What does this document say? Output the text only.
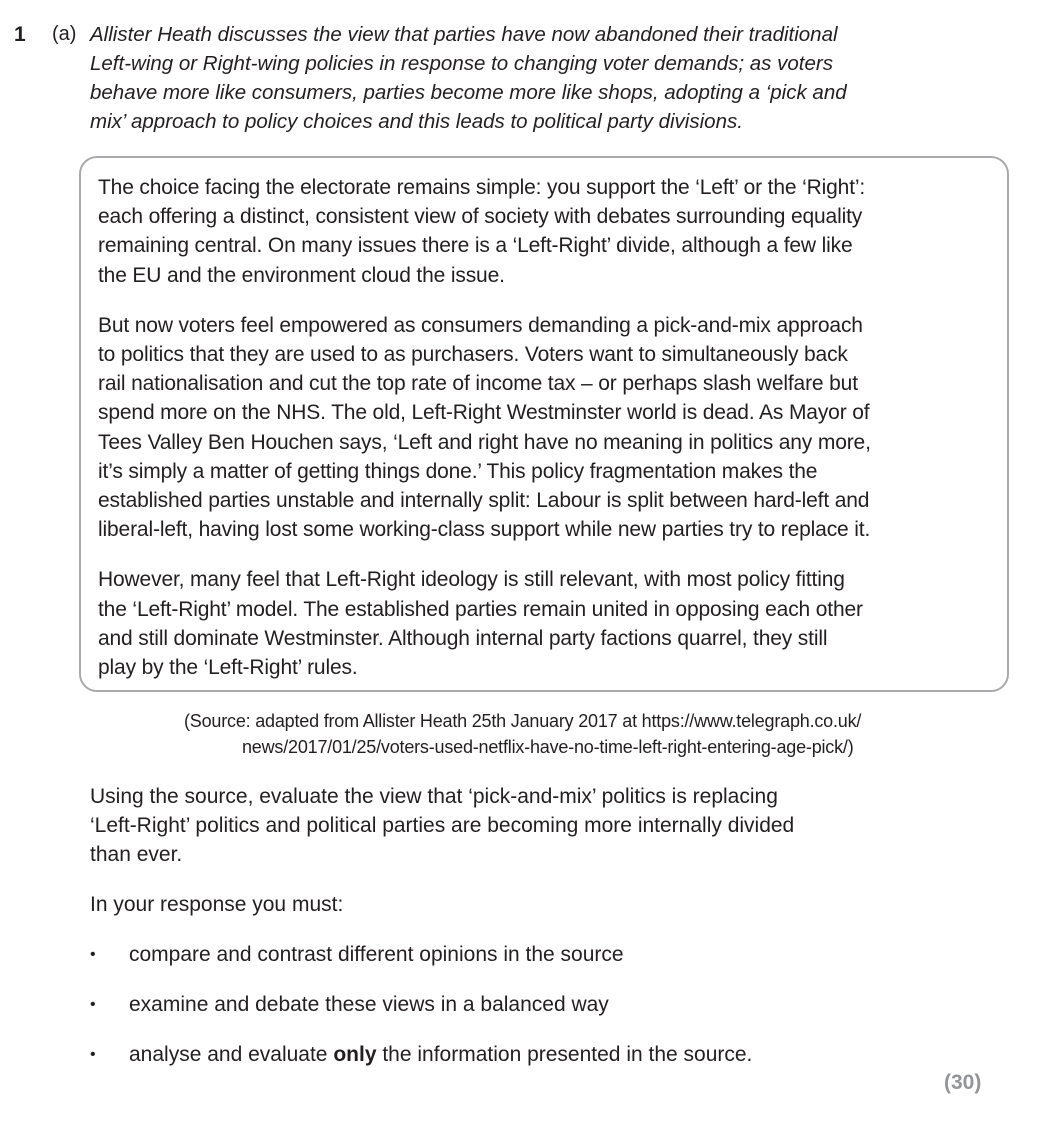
1 (a) Allister Heath discusses the view that parties have now abandoned their traditional
Left-wing or Right-wing policies in response to changing voter demands; as voters
behave more like consumers, parties become more like shops, adopting a ‘pick and
mix’ approach to policy choices and this leads to political party divisions.

The choice facing the electorate remains simple: you support the ‘Left’ or the ‘Right’:
each offering a distinct, consistent view of society with debates surrounding equality
remaining central. On many issues there is a ‘Left-Right’ divide, although a few like
the EU and the environment cloud the issue.

But now voters feel empowered as consumers demanding a pick-and-mix approach
to politics that they are used to as purchasers. Voters want to simultaneously back
rail nationalisation and cut the top rate of income tax – or perhaps slash welfare but
spend more on the NHS. The old, Left-Right Westminster world is dead. As Mayor of
Tees Valley Ben Houchen says, ‘Left and right have no meaning in politics any more,
it’s simply a matter of getting things done.’ This policy fragmentation makes the
established parties unstable and internally split: Labour is split between hard-left and
liberal-left, having lost some working-class support while new parties try to replace it.

However, many feel that Left-Right ideology is still relevant, with most policy fitting
the ‘Left-Right’ model. The established parties remain united in opposing each other
and still dominate Westminster. Although internal party factions quarrel, they still
play by the ‘Left-Right’ rules.

(Source: adapted from Allister Heath 25th January 2017 at https://www.telegraph.co.uk/
news/2017/01/25/voters-used-netflix-have-no-time-left-right-entering-age-pick/)
Using the source, evaluate the view that ‘pick-and-mix’ politics is replacing
‘Left-Right’ politics and political parties are becoming more internally divided
than ever.
In your response you must:
• compare and contrast different opinions in the source
• examine and debate these views in a balanced way
• analyse and evaluate only the information presented in the source.
(30)
